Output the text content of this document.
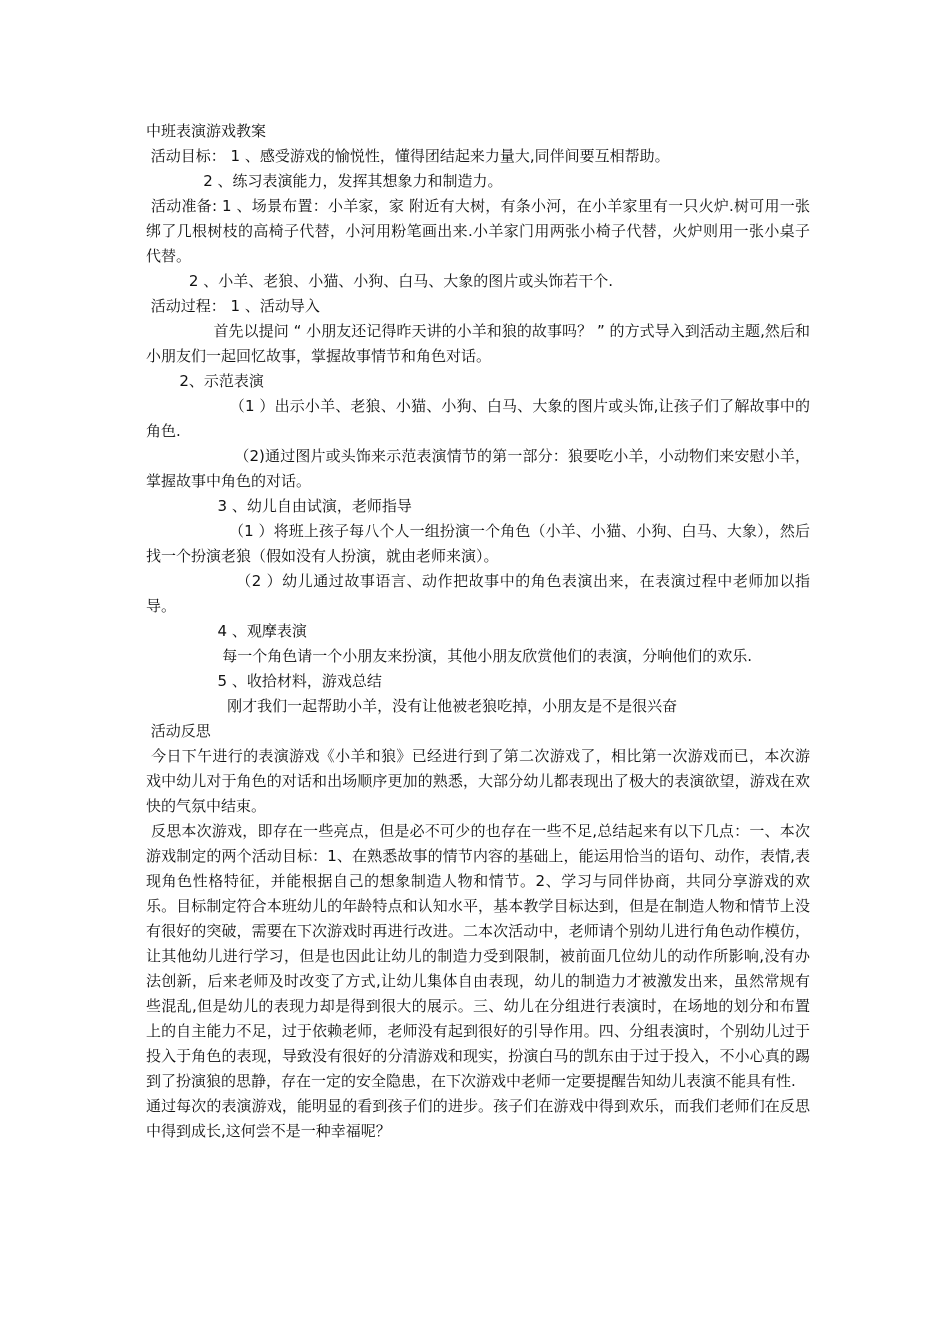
中班表演游戏教案

活动目标： 1 、感受游戏的愉悦性，懂得团结起来力量大,同伴间要互相帮助。

2 、练习表演能力，发挥其想象力和制造力。

活动准备: 1 、场景布置：小羊家，家 附近有大树，有条小河，在小羊家里有一只火炉.树可用一张绑了几根树枝的高椅子代替，小河用粉笔画出来.小羊家门用两张小椅子代替，火炉则用一张小桌子代替。

2 、小羊、老狼、小猫、小狗、白马、大象的图片或头饰若干个.

活动过程： 1 、活动导入

首先以提问 “ 小朋友还记得昨天讲的小羊和狼的故事吗？ ” 的方式导入到活动主题,然后和小朋友们一起回忆故事，掌握故事情节和角色对话。

2、示范表演

（1 ）出示小羊、老狼、小猫、小狗、白马、大象的图片或头饰,让孩子们了解故事中的角色.

（2)通过图片或头饰来示范表演情节的第一部分：狼要吃小羊，小动物们来安慰小羊，掌握故事中角色的对话。

3 、幼儿自由试演，老师指导

（1 ）将班上孩子每八个人一组扮演一个角色（小羊、小猫、小狗、白马、大象），然后找一个扮演老狼（假如没有人扮演，就由老师来演）。

（2 ）幼儿通过故事语言、动作把故事中的角色表演出来，在表演过程中老师加以指导。

4 、观摩表演

每一个角色请一个小朋友来扮演，其他小朋友欣赏他们的表演，分响他们的欢乐.

5 、收拾材料，游戏总结

刚才我们一起帮助小羊，没有让他被老狼吃掉，小朋友是不是很兴奋

活动反思

今日下午进行的表演游戏《小羊和狼》已经进行到了第二次游戏了，相比第一次游戏而已，本次游戏中幼儿对于角色的对话和出场顺序更加的熟悉，大部分幼儿都表现出了极大的表演欲望，游戏在欢快的气氛中结束。

反思本次游戏，即存在一些亮点，但是必不可少的也存在一些不足,总结起来有以下几点：一、本次游戏制定的两个活动目标：1、在熟悉故事的情节内容的基础上，能运用恰当的语句、动作，表情,表现角色性格特征，并能根据自己的想象制造人物和情节。2、学习与同伴协商，共同分享游戏的欢乐。目标制定符合本班幼儿的年龄特点和认知水平，基本教学目标达到，但是在制造人物和情节上没有很好的突破，需要在下次游戏时再进行改进。二本次活动中，老师请个别幼儿进行角色动作模仿，让其他幼儿进行学习，但是也因此让幼儿的制造力受到限制，被前面几位幼儿的动作所影响,没有办法创新，后来老师及时改变了方式,让幼儿集体自由表现，幼儿的制造力才被激发出来，虽然常规有些混乱,但是幼儿的表现力却是得到很大的展示。三、幼儿在分组进行表演时，在场地的划分和布置上的自主能力不足，过于依赖老师，老师没有起到很好的引导作用。四、分组表演时，个别幼儿过于投入于角色的表现，导致没有很好的分清游戏和现实，扮演白马的凯东由于过于投入，不小心真的踢到了扮演狼的思静，存在一定的安全隐患，在下次游戏中老师一定要提醒告知幼儿表演不能具有性.

通过每次的表演游戏，能明显的看到孩子们的进步。孩子们在游戏中得到欢乐，而我们老师们在反思中得到成长,这何尝不是一种幸福呢？
